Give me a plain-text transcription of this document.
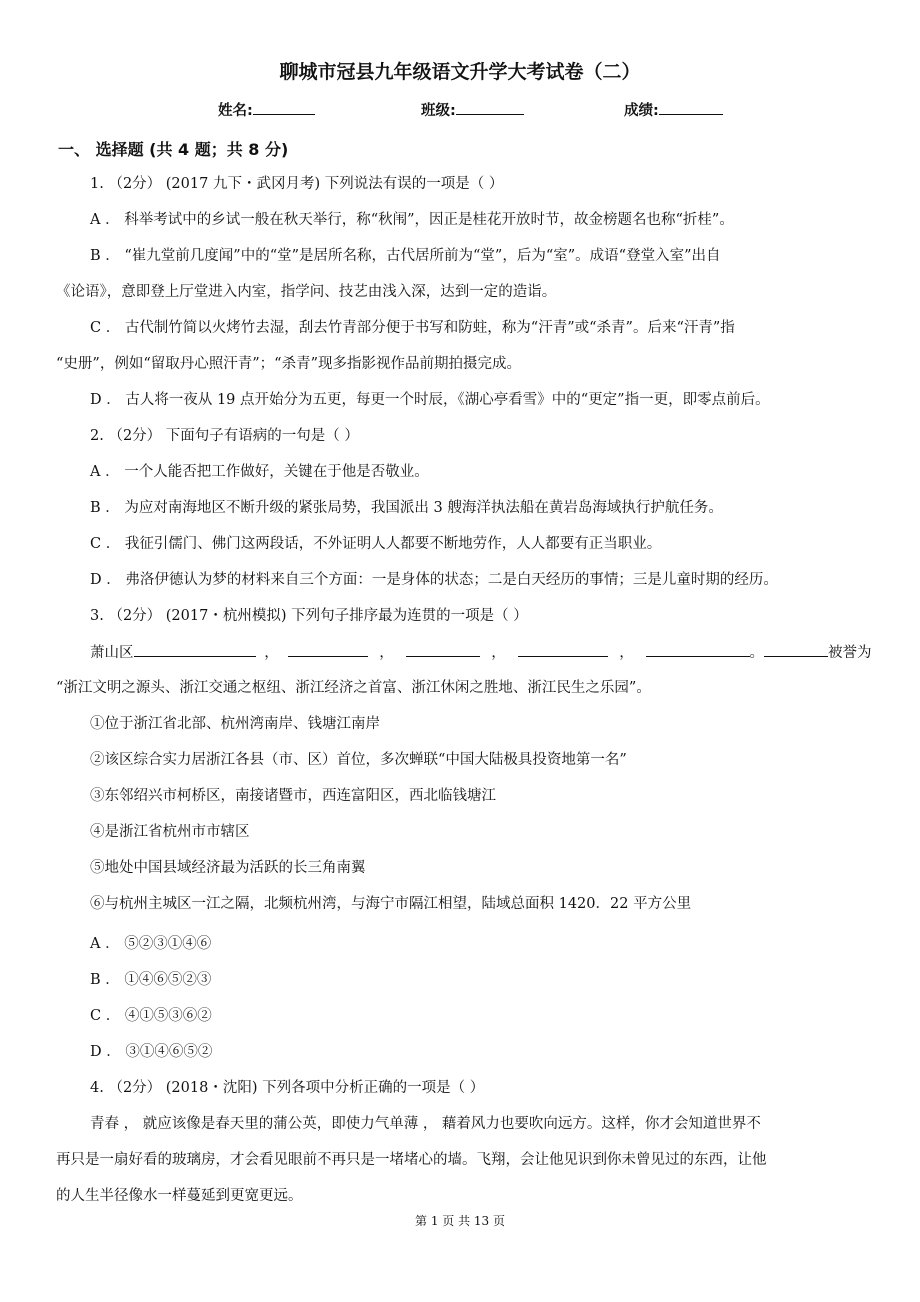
聊城市冠县九年级语文升学大考试卷（二）
姓名:	班级:	成绩:
一、 选择题 (共 4 题；共 8 分)
1. （2分） (2017 九下・武冈月考) 下列说法有误的一项是（ ）
A ． 科举考试中的乡试一般在秋天举行，称“秋闱”，因正是桂花开放时节，故金榜题名也称“折桂”。
B ． “崔九堂前几度闻”中的“堂”是居所名称，古代居所前为“堂”，后为“室”。成语“登堂入室”出自
《论语》，意即登上厅堂进入内室，指学问、技艺由浅入深，达到一定的造诣。
C ． 古代制竹简以火烤竹去湿，刮去竹青部分便于书写和防蛀，称为“汗青”或“杀青”。后来“汗青”指
“史册”，例如“留取丹心照汗青”；“杀青”现多指影视作品前期拍摄完成。
D ． 古人将一夜从 19 点开始分为五更，每更一个时辰，《湖心亭看雪》中的“更定”指一更，即零点前后。
2. （2分） 下面句子有语病的一句是（ ）
A ． 一个人能否把工作做好，关键在于他是否敬业。
B ． 为应对南海地区不断升级的紧张局势，我国派出 3 艘海洋执法船在黄岩岛海域执行护航任务。
C ． 我征引儒门、佛门这两段话，不外证明人人都要不断地劳作，人人都要有正当职业。
D ． 弗洛伊德认为梦的材料来自三个方面：一是身体的状态；二是白天经历的事情；三是儿童时期的经历。
3. （2分） (2017・杭州模拟) 下列句子排序最为连贯的一项是（ ）
萧山区	，	，	，	，	。	被誉为
“浙江文明之源头、浙江交通之枢纽、浙江经济之首富、浙江休闲之胜地、浙江民生之乐园”。
①位于浙江省北部、杭州湾南岸、钱塘江南岸
②该区综合实力居浙江各县（市、区）首位，多次蝉联“中国大陆极具投资地第一名”
③东邻绍兴市柯桥区，南接诸暨市，西连富阳区，西北临钱塘江
④是浙江省杭州市市辖区
⑤地处中国县域经济最为活跃的长三角南翼
⑥与杭州主城区一江之隔，北频杭州湾，与海宁市隔江相望，陆域总面积 1420．22 平方公里
A ． ⑤②③①④⑥
B ． ①④⑥⑤②③
C ． ④①⑤③⑥②
D ． ③①④⑥⑤②
4. （2分） (2018・沈阳) 下列各项中分析正确的一项是（ ）
青春 ， 就应该像是春天里的蒲公英，即使力气单薄 ， 藉着风力也要吹向远方。这样，你才会知道世界不
再只是一扇好看的玻璃房，才会看见眼前不再只是一堵堵心的墙。飞翔，会让他见识到你未曾见过的东西，让他
的人生半径像水一样蔓延到更宽更远。
第 1 页 共 13 页
